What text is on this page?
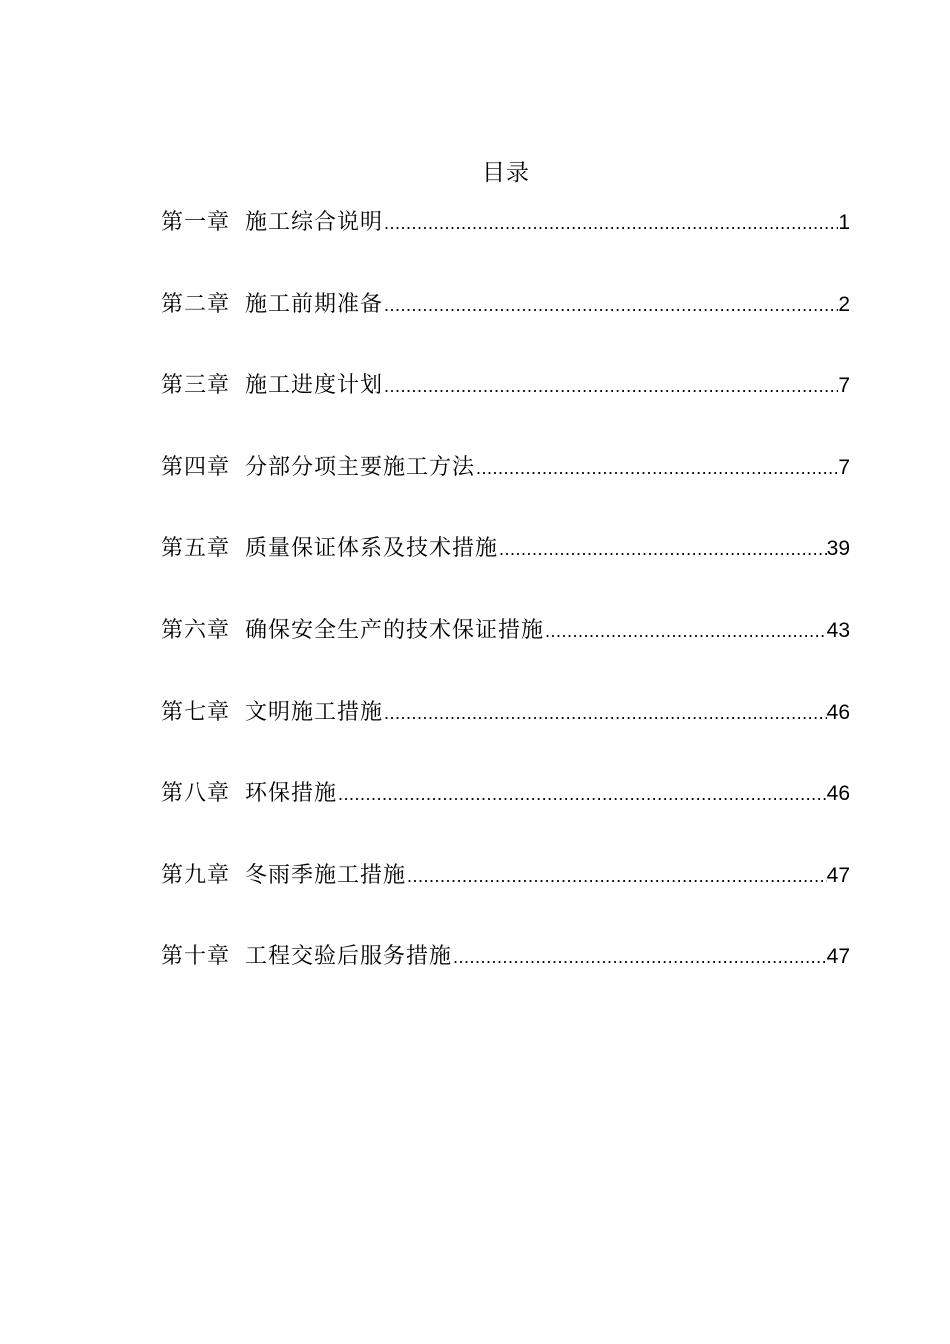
目录
第一章 施工综合说明 .....	1
第二章 施工前期准备 .....	2
第三章 施工进度计划 .....	7
第四章 分部分项主要施工方法 .....	7
第五章 质量保证体系及技术措施 .....	39
第六章 确保安全生产的技术保证措施 .....	43
第七章 文明施工措施 .....	46
第八章 环保措施 .....	46
第九章 冬雨季施工措施 .....	47
第十章 工程交验后服务措施 .....	47
